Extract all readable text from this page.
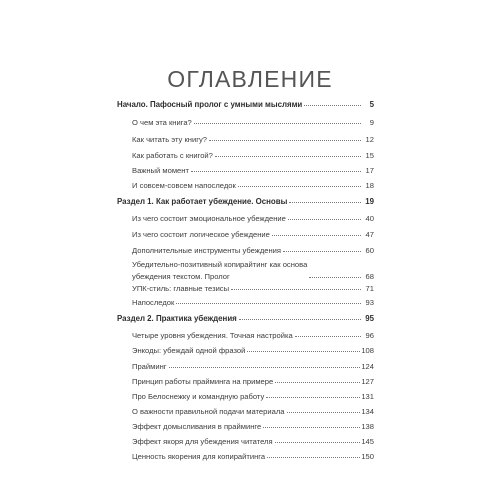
ОГЛАВЛЕНИЕ
Начало. Пафосный пролог с умными мыслями	5
О чем эта книга?	9
Как читать эту книгу?	12
Как работать с книгой?	15
Важный момент	17
И совсем-совсем напоследок	18
Раздел 1. Как работает убеждение. Основы	19
Из чего состоит эмоциональное убеждение	40
Из чего состоит логическое убеждение	47
Дополнительные инструменты убеждения	60
Убедительно-позитивный копирайтинг как основа
убеждения текстом. Пролог	68
УПК-стиль: главные тезисы	71
Напоследок	93
Раздел 2. Практика убеждения	95
Четыре уровня убеждения. Точная настройка	96
Энкоды: убеждай одной фразой	108
Прайминг	124
Принцип работы прайминга на примере	127
Про Белоснежку и командную работу	131
О важности правильной подачи материала	134
Эффект домысливания в прайминге	138
Эффект якоря для убеждения читателя	145
Ценность якорения для копирайтинга	150
